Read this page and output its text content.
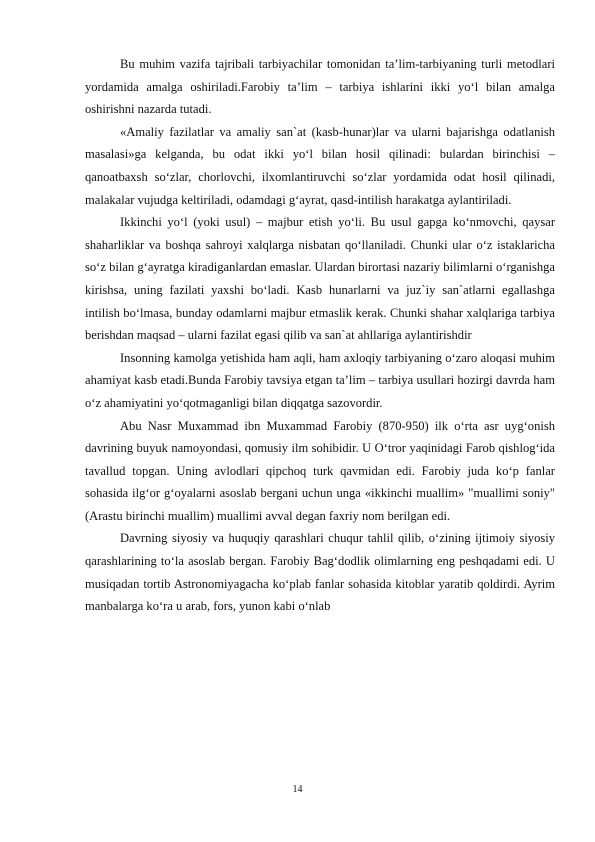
Bu muhim vazifa tajribali tarbiyachilar tomonidan ta’lim-tarbiyaning turli metodlari yordamida amalga oshiriladi.Farobiy ta’lim – tarbiya ishlarini ikki yo‘l bilan amalga oshirishni nazarda tutadi.

«Amaliy fazilatlar va amaliy san`at (kasb-hunar)lar va ularni bajarishga odatlanish masalasi»ga kelganda, bu odat ikki yo‘l bilan hosil qilinadi: bulardan birinchisi – qanoatbaxsh so‘zlar, chorlovchi, ilxomlantiruvchi so‘zlar yordamida odat hosil qilinadi, malakalar vujudga keltiriladi, odamdagi g‘ayrat, qasd-intilish harakatga aylantiriladi.

Ikkinchi yo‘l (yoki usul) – majbur etish yo‘li. Bu usul gapga ko‘nmovchi, qaysar shaharliklar va boshqa sahroyi xalqlarga nisbatan qo‘llaniladi. Chunki ular o‘z istaklaricha so‘z bilan g‘ayratga kiradiganlardan emaslar. Ulardan birortasi nazariy bilimlarni o‘rganishga kirishsa, uning fazilati yaxshi bo‘ladi. Kasb hunarlarni va juz`iy san`atlarni egallashga intilish bo‘lmasa, bunday odamlarni majbur etmaslik kerak. Chunki shahar xalqlariga tarbiya berishdan maqsad – ularni fazilat egasi qilib va san`at ahllariga aylantirishdir

Insonning kamolga yetishida ham aqli, ham axloqiy tarbiyaning o‘zaro aloqasi muhim ahamiyat kasb etadi.Bunda Farobiy tavsiya etgan ta’lim – tarbiya usullari hozirgi davrda ham o‘z ahamiyatini yo‘qotmaganligi bilan diqqatga sazovordir.

Abu Nasr Muxammad ibn Muxammad Farobiy (870-950) ilk o‘rta asr uyg‘onish davrining buyuk namoyondasi, qomusiy ilm sohibidir. U O‘tror yaqinidagi Farob qishlog‘ida tavallud topgan. Uning avlodlari qipchoq turk qavmidan edi. Farobiy juda ko‘p fanlar sohasida ilg‘or g‘oyalarni asoslab bergani uchun unga «ikkinchi muallim» "muallimi soniy" (Arastu birinchi muallim) muallimi avval degan faxriy nom berilgan edi.

Davrning siyosiy va huquqiy qarashlari chuqur tahlil qilib, o‘zining ijtimoiy siyosiy qarashlarining to‘la asoslab bergan. Farobiy Bag‘dodlik olimlarning eng peshqadami edi. U musiqadan tortib Astronomiyagacha ko‘plab fanlar sohasida kitoblar yaratib qoldirdi. Ayrim manbalarga ko‘ra u arab, fors, yunon kabi o‘nlab

14
